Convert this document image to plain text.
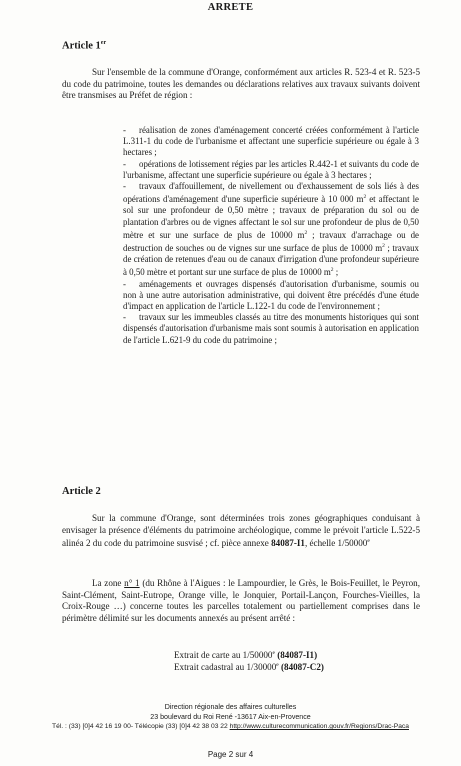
ARRETE
Article 1er

Sur l'ensemble de la commune d'Orange, conformément aux articles R. 523-4 et R. 523-5 du code du patrimoine, toutes les demandes ou déclarations relatives aux travaux suivants doivent être transmises au Préfet de région :

- réalisation de zones d'aménagement concerté créées conformément à l'article L.311-1 du code de l'urbanisme et affectant une superficie supérieure ou égale à 3 hectares ;
- opérations de lotissement régies par les articles R.442-1 et suivants du code de l'urbanisme, affectant une superficie supérieure ou égale à 3 hectares ;
- travaux d'affouillement, de nivellement ou d'exhaussement de sols liés à des opérations d'aménagement d'une superficie supérieure à 10 000 $m^2$ et affectant le sol sur une profondeur de 0,50 mètre ; travaux de préparation du sol ou de plantation d'arbres ou de vignes affectant le sol sur une profondeur de plus de 0,50 mètre et sur une surface de plus de 10000 $m^2$ ; travaux d'arrachage ou de destruction de souches ou de vignes sur une surface de plus de 10000 $m^2$ ; travaux de création de retenues d'eau ou de canaux d'irrigation d'une profondeur supérieure à 0,50 mètre et portant sur une surface de plus de 10000 $m^2$ ;
- aménagements et ouvrages dispensés d'autorisation d'urbanisme, soumis ou non à une autre autorisation administrative, qui doivent être précédés d'une étude d'impact en application de l'article L.122-1 du code de l'environnement ;
- travaux sur les immeubles classés au titre des monuments historiques qui sont dispensés d'autorisation d'urbanisme mais sont soumis à autorisation en application de l'article L.621-9 du code du patrimoine ;
Article 2

Sur la commune d'Orange, sont déterminées trois zones géographiques conduisant à envisager la présence d'éléments du patrimoine archéologique, comme le prévoit l'article L.522-5 alinéa 2 du code du patrimoine susvisé ; cf. pièce annexe 84087-I1, échelle 1/50000e

La zone n° 1 (du Rhône à l'Aigues : le Lampourdier, le Grès, le Bois-Feuillet, le Peyron, Saint-Clément, Saint-Eutrope, Orange ville, le Jonquier, Portail-Lançon, Fourches-Vieilles, la Croix-Rouge …) concerne toutes les parcelles totalement ou partiellement comprises dans le périmètre délimité sur les documents annexés au présent arrêté :

Extrait de carte au 1/50000e (84087-I1)
Extrait cadastral au 1/30000e (84087-C2)
Direction régionale des affaires culturelles
23 boulevard du Roi René -13617 Aix-en-Provence
Tél. : (33) [0]4 42 16 19 00- Télécopie (33) [0]4 42 38 03 22 http://www.culturecommunication.gouv.fr/Regions/Drac-Paca
Page 2 sur 4
